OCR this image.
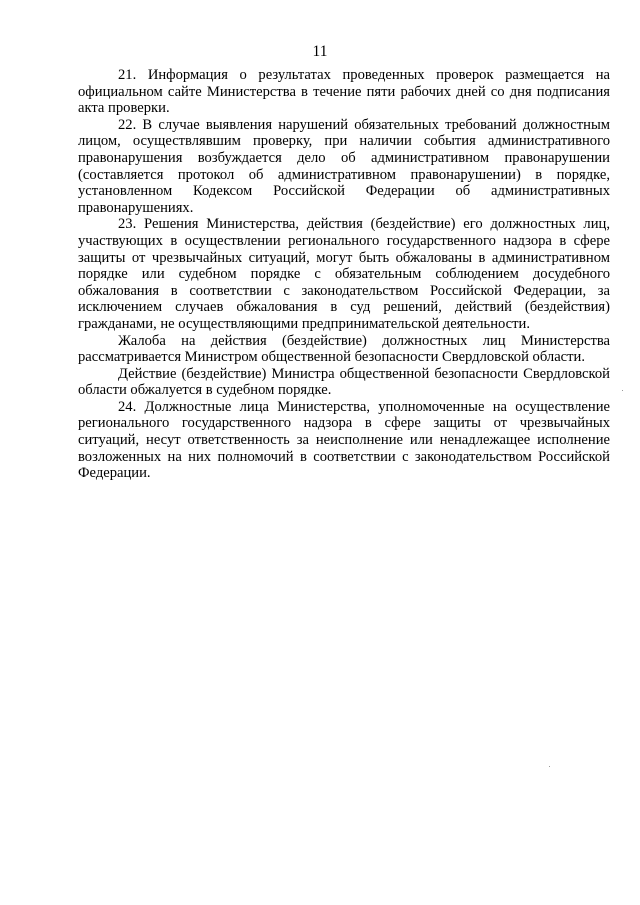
11

21. Информация о результатах проведенных проверок размещается на официальном сайте Министерства в течение пяти рабочих дней со дня подписания акта проверки.

22. В случае выявления нарушений обязательных требований должностным лицом, осуществлявшим проверку, при наличии события административного правонарушения возбуждается дело об административном правонарушении (составляется протокол об административном правонарушении) в порядке, установленном Кодексом Российской Федерации об административных правонарушениях.

23. Решения Министерства, действия (бездействие) его должностных лиц, участвующих в осуществлении регионального государственного надзора в сфере защиты от чрезвычайных ситуаций, могут быть обжалованы в административном порядке или судебном порядке с обязательным соблюдением досудебного обжалования в соответствии с законодательством Российской Федерации, за исключением случаев обжалования в суд решений, действий (бездействия) гражданами, не осуществляющими предпринимательской деятельности.

Жалоба на действия (бездействие) должностных лиц Министерства рассматривается Министром общественной безопасности Свердловской области.

Действие (бездействие) Министра общественной безопасности Свердловской области обжалуется в судебном порядке.

24. Должностные лица Министерства, уполномоченные на осуществление регионального государственного надзора в сфере защиты от чрезвычайных ситуаций, несут ответственность за неисполнение или ненадлежащее исполнение возложенных на них полномочий в соответствии с законодательством Российской Федерации.
